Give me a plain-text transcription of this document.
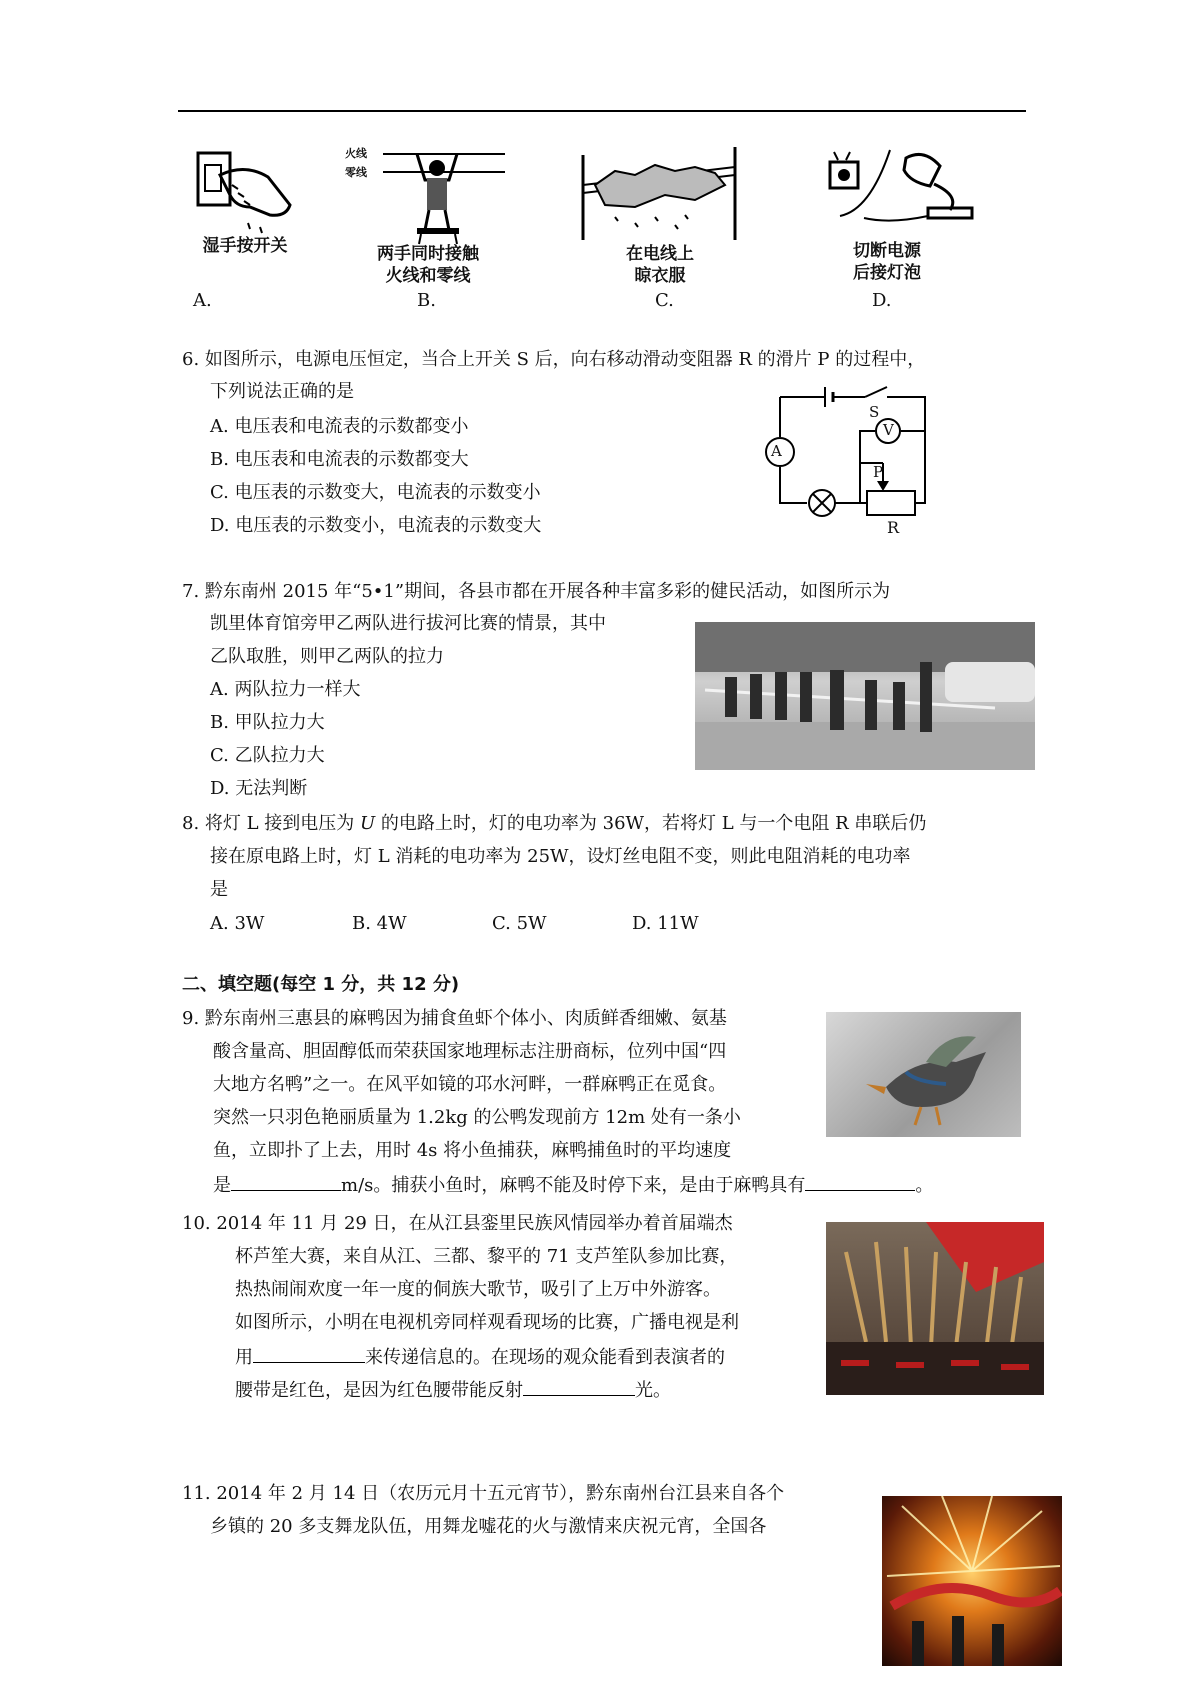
湿手按开关
A.
火线
零线
两手同时接触
火线和零线
B.
在电线上
晾衣服
C.
切断电源
后接灯泡
D.
6. 如图所示，电源电压恒定，当合上开关 S 后，向右移动滑动变阻器 R 的滑片 P 的过程中，
下列说法正确的是
A. 电压表和电流表的示数都变小
B. 电压表和电流表的示数都变大
C. 电压表的示数变大，电流表的示数变小
D. 电压表的示数变小，电流表的示数变大
A
V
S
P
R
7. 黔东南州 2015 年“5•1”期间，各县市都在开展各种丰富多彩的健民活动，如图所示为
凯里体育馆旁甲乙两队进行拔河比赛的情景，其中
乙队取胜，则甲乙两队的拉力
A. 两队拉力一样大
B. 甲队拉力大
C. 乙队拉力大
D. 无法判断
8. 将灯 L 接到电压为 U 的电路上时，灯的电功率为 36W，若将灯 L 与一个电阻 R 串联后仍
接在原电路上时，灯 L 消耗的电功率为 25W，设灯丝电阻不变，则此电阻消耗的电功率
是
A. 3W	B. 4W	C. 5W	D. 11W
二、填空题(每空 1 分，共 12 分)
9. 黔东南州三惠县的麻鸭因为捕食鱼虾个体小、肉质鲜香细嫩、氨基
酸含量高、胆固醇低而荣获国家地理标志注册商标，位列中国“四
大地方名鸭”之一。在风平如镜的邛水河畔，一群麻鸭正在觅食。
突然一只羽色艳丽质量为 1.2kg 的公鸭发现前方 12m 处有一条小
鱼，立即扑了上去，用时 4s 将小鱼捕获，麻鸭捕鱼时的平均速度
是	m/s。捕获小鱼时，麻鸭不能及时停下来，是由于麻鸭具有	。
10. 2014 年 11 月 29 日，在从江县銮里民族风情园举办着首届端杰
杯芦笙大赛，来自从江、三都、黎平的 71 支芦笙队参加比赛，
热热闹闹欢度一年一度的侗族大歌节，吸引了上万中外游客。
如图所示，小明在电视机旁同样观看现场的比赛，广播电视是利
用	来传递信息的。在现场的观众能看到表演者的
腰带是红色，是因为红色腰带能反射	光。
11. 2014 年 2 月 14 日（农历元月十五元宵节），黔东南州台江县来自各个
乡镇的 20 多支舞龙队伍，用舞龙嘘花的火与激情来庆祝元宵，全国各
